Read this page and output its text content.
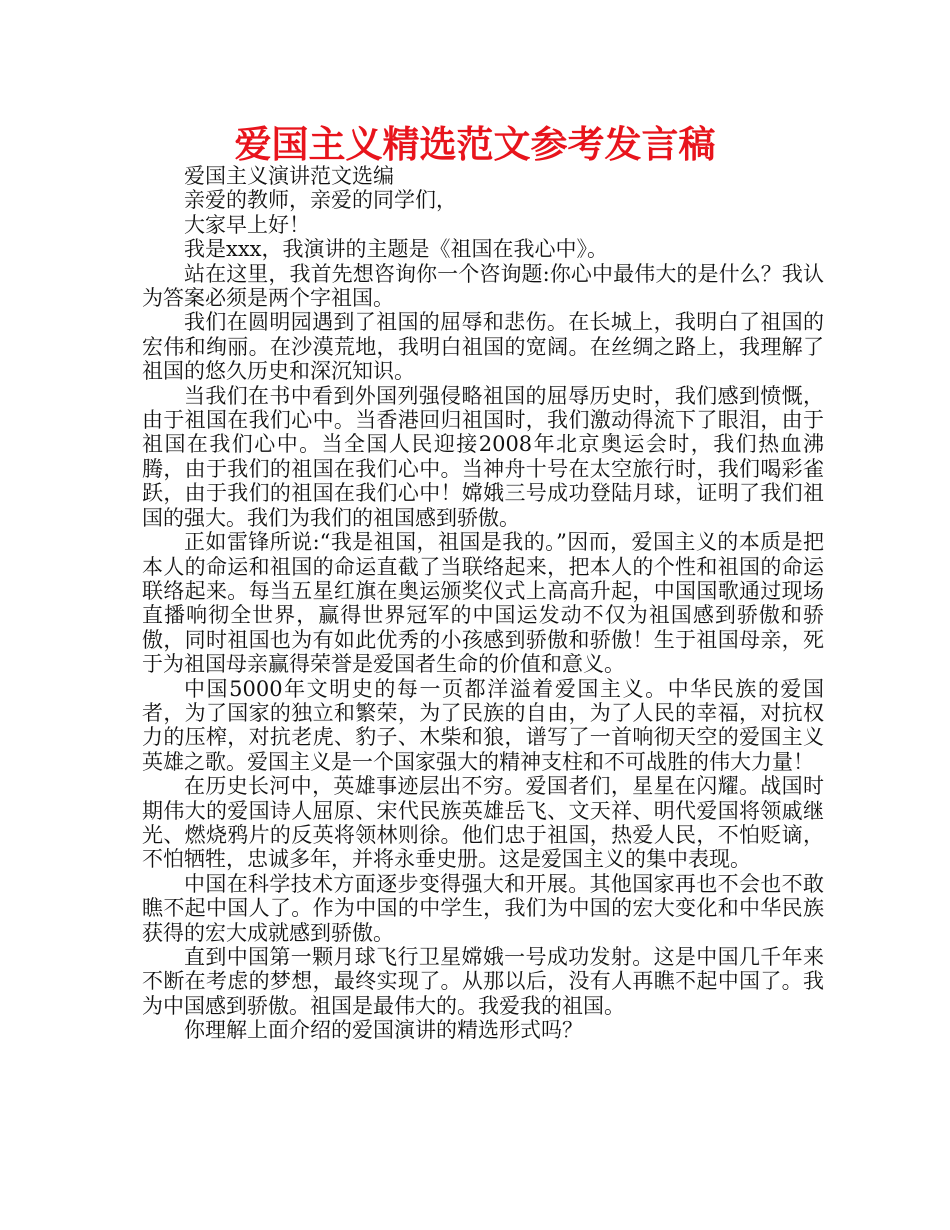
爱国主义精选范文参考发言稿

爱国主义演讲范文选编

亲爱的教师，亲爱的同学们，

大家早上好！

我是xxx，我演讲的主题是《祖国在我心中》。

站在这里，我首先想咨询你一个咨询题:你心中最伟大的是什么？我认为答案必须是两个字祖国。

我们在圆明园遇到了祖国的屈辱和悲伤。在长城上，我明白了祖国的宏伟和绚丽。在沙漠荒地，我明白祖国的宽阔。在丝绸之路上，我理解了祖国的悠久历史和深沉知识。

当我们在书中看到外国列强侵略祖国的屈辱历史时，我们感到愤慨，由于祖国在我们心中。当香港回归祖国时，我们激动得流下了眼泪，由于祖国在我们心中。当全国人民迎接2008年北京奥运会时，我们热血沸腾，由于我们的祖国在我们心中。当神舟十号在太空旅行时，我们喝彩雀跃，由于我们的祖国在我们心中！嫦娥三号成功登陆月球，证明了我们祖国的强大。我们为我们的祖国感到骄傲。

正如雷锋所说:“我是祖国，祖国是我的。”因而，爱国主义的本质是把本人的命运和祖国的命运直截了当联络起来，把本人的个性和祖国的命运联络起来。每当五星红旗在奥运颁奖仪式上高高升起，中国国歌通过现场直播响彻全世界，赢得世界冠军的中国运发动不仅为祖国感到骄傲和骄傲，同时祖国也为有如此优秀的小孩感到骄傲和骄傲！生于祖国母亲，死于为祖国母亲赢得荣誉是爱国者生命的价值和意义。

中国5000年文明史的每一页都洋溢着爱国主义。中华民族的爱国者，为了国家的独立和繁荣，为了民族的自由，为了人民的幸福，对抗权力的压榨，对抗老虎、豹子、木柴和狼，谱写了一首响彻天空的爱国主义英雄之歌。爱国主义是一个国家强大的精神支柱和不可战胜的伟大力量！

在历史长河中，英雄事迹层出不穷。爱国者们，星星在闪耀。战国时期伟大的爱国诗人屈原、宋代民族英雄岳飞、文天祥、明代爱国将领戚继光、燃烧鸦片的反英将领林则徐。他们忠于祖国，热爱人民，不怕贬谪，不怕牺牲，忠诚多年，并将永垂史册。这是爱国主义的集中表现。

中国在科学技术方面逐步变得强大和开展。其他国家再也不会也不敢瞧不起中国人了。作为中国的中学生，我们为中国的宏大变化和中华民族获得的宏大成就感到骄傲。

直到中国第一颗月球飞行卫星嫦娥一号成功发射。这是中国几千年来不断在考虑的梦想，最终实现了。从那以后，没有人再瞧不起中国了。我为中国感到骄傲。祖国是最伟大的。我爱我的祖国。

你理解上面介绍的爱国演讲的精选形式吗？
